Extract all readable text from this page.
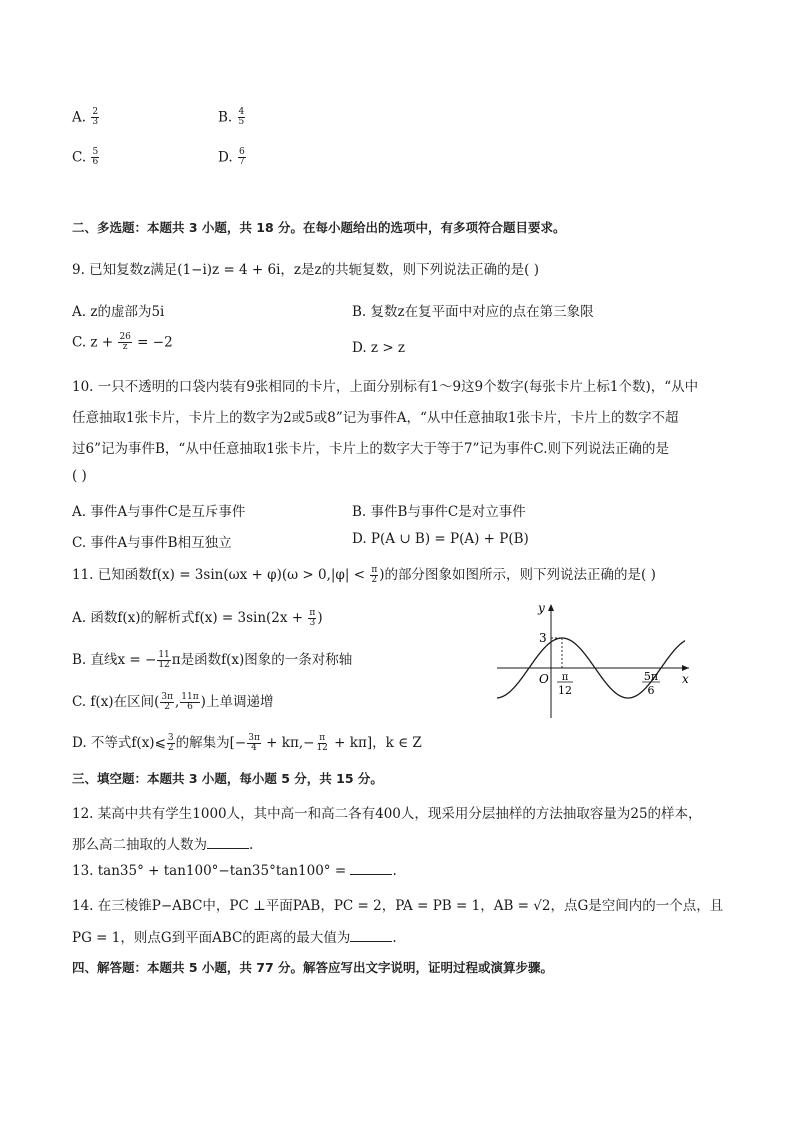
A. $\frac{2}{3}$	B. $\frac{4}{5}$
C. $\frac{5}{6}$	D. $\frac{6}{7}$
二、多选题：本题共 3 小题，共 18 分。在每小题给出的选项中，有多项符合题目要求。
9. 已知复数z满足(1−i)z = 4 + 6i，z是z的共轭复数，则下列说法正确的是( )
A. z的虚部为5i	B. 复数z在复平面中对应的点在第三象限
C. $z + \frac{26}{z} = -2$	D. z > z
10. 一只不透明的口袋内装有9张相同的卡片，上面分别标有1～9这9个数字(每张卡片上标1个数)，“从中
任意抽取1张卡片，卡片上的数字为2或5或8”记为事件A，“从中任意抽取1张卡片，卡片上的数字不超
过6”记为事件B，“从中任意抽取1张卡片，卡片上的数字大于等于7”记为事件C.则下列说法正确的是
( )
A. 事件A与事件C是互斥事件	B. 事件B与事件C是对立事件
C. 事件A与事件B相互独立	D. P(A ∪ B) = P(A) + P(B)
11. 已知函数$f(x) = 3\sin(\omega x + \varphi)(\omega > 0,|\varphi| < \frac{\pi}{2}$ )的部分图象如图所示，则下列说法正确的是( )
A. 函数f(x)的解析式$f(x) = 3\sin(2x + \frac{\pi}{3}$ )
B. 直线x = − $\frac{11}{12}$ π是函数f(x)图象的一条对称轴
C. f(x)在区间( $\frac{3\pi}{2}$ , $\frac{11\pi}{6}$ )上单调递增
D. 不等式f(x)⩽ $\frac{3}{2}$ 的解集为[− $\frac{3\pi}{4} + k\pi,- \frac{\pi}{12} + k\pi$]，k ∈ Z
y
x
O
3
π
12
5π
6
三、填空题：本题共 3 小题，每小题 5 分，共 15 分。
12. 某高中共有学生1000人，其中高一和高二各有400人，现采用分层抽样的方法抽取容量为25的样本，
那么高二抽取的人数为	.
13. tan35° + tan100°−tan35°tan100° =	.
14. 在三棱锥P−ABC中，PC ⊥平面PAB，PC = 2，PA = PB = 1，AB = √2，点G是空间内的一个点，且
PG = 1，则点G到平面ABC的距离的最大值为	.
四、解答题：本题共 5 小题，共 77 分。解答应写出文字说明，证明过程或演算步骤。
